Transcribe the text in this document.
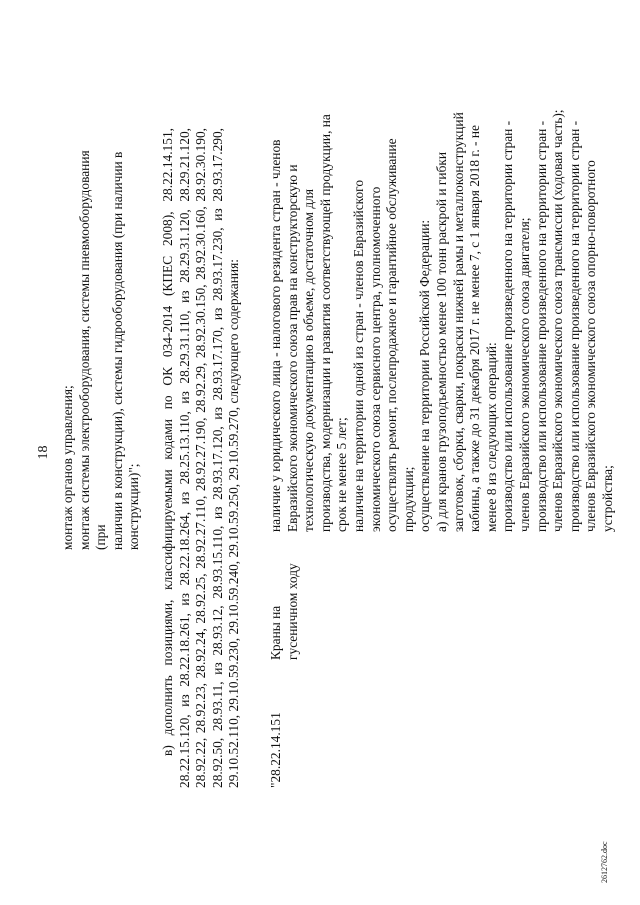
18 монтаж органов управления; монтаж системы электрооборудования, системы пневмооборудования (при наличии в конструкции), системы гидрооборудования (при наличии в конструкции)"; в) дополнить позициями, классифицируемыми кодами по ОК 034-2014 (КПЕС 2008), 28.22.14.151, 28.22.15.120, из 28.22.18.261, из 28.22.18.264, из 28.25.13.110, из 28.29.31.110, из 28.29.31.120, 28.29.21.120, 28.92.22, 28.92.23, 28.92.24, 28.92.25, 28.92.27.110, 28.92.27.190, 28.92.29, 28.92.30.150, 28.92.30.160, 28.92.30.190, 28.92.50, 28.93.11, из 28.93.12, 28.93.15.110, из 28.93.17.120, из 28.93.17.170, из 28.93.17.230, из 28.93.17.290, 29.10.52.110, 29.10.59.230, 29.10.59.240, 29.10.59.250, 29.10.59.270, следующего содержания: "28.22.14.151
Краны на гусеничном ходу

наличие у юридического лица - налогового резидента стран - членов Евразийского экономического союза прав на конструкторскую и технологическую документацию в объеме, достаточном для производства, модернизации и развития соответствующей продукции, на срок не менее 5 лет; наличие на территории одной из стран - членов Евразийского экономического союза сервисного центра, уполномоченного осуществлять ремонт, послепродажное и гарантийное обслуживание продукции; осуществление на территории Российской Федерации: а) для кранов грузоподъемностью менее 100 тонн раскрой и гибки заготовок, сборки, сварки, покраски нижней рамы и металлоконструкций кабины, а также до 31 декабря 2017 г. не менее 7, с 1 января 2018 г. - не менее 8 из следующих операций: производство или использование произведенного на территории стран - членов Евразийского экономического союза двигателя; производство или использование произведенного на территории стран - членов Евразийского экономического союза трансмиссии (ходовая часть); производство или использование произведенного на территории стран - членов Евразийского экономического союза опорно-поворотного устройства;

2612762.doc
